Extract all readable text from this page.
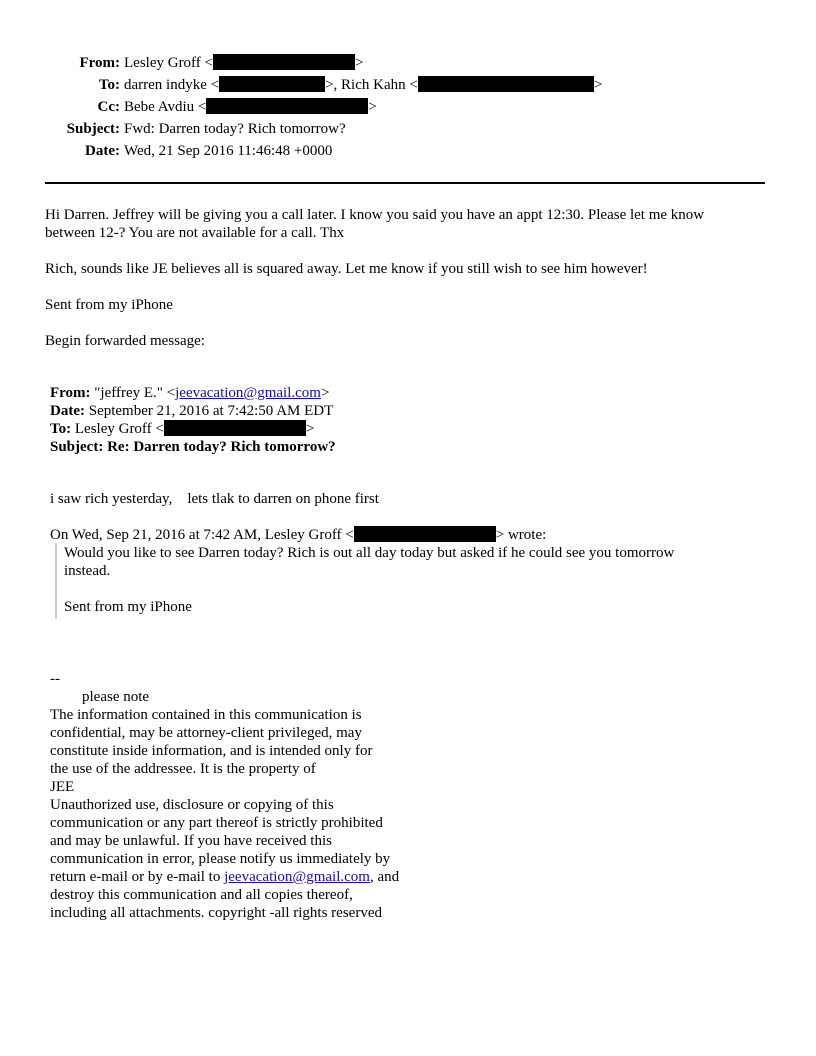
From: Lesley Groff <	>
To: darren indyke <	>, Rich Kahn <	>
Cc: Bebe Avdiu <	>
Subject: Fwd: Darren today? Rich tomorrow?
Date: Wed, 21 Sep 2016 11:46:48 +0000
Hi Darren. Jeffrey will be giving you a call later. I know you said you have an appt 12:30. Please let me know
between 12-? You are not available for a call. Thx
Rich, sounds like JE believes all is squared away. Let me know if you still wish to see him however!
Sent from my iPhone
Begin forwarded message:
From: "jeffrey E." <jeevacation@gmail.com>
Date: September 21, 2016 at 7:42:50 AM EDT
To: Lesley Groff <	>
Subject: Re: Darren today? Rich tomorrow?
i saw rich yesterday,    lets tlak to darren on phone first
On Wed, Sep 21, 2016 at 7:42 AM, Lesley Groff <	> wrote:
Would you like to see Darren today? Rich is out all day today but asked if he could see you tomorrow
instead.
Sent from my iPhone
--
please note
The information contained in this communication is
confidential, may be attorney-client privileged, may
constitute inside information, and is intended only for
the use of the addressee. It is the property of
JEE
Unauthorized use, disclosure or copying of this
communication or any part thereof is strictly prohibited
and may be unlawful. If you have received this
communication in error, please notify us immediately by
return e-mail or by e-mail to jeevacation@gmail.com, and
destroy this communication and all copies thereof,
including all attachments. copyright -all rights reserved
